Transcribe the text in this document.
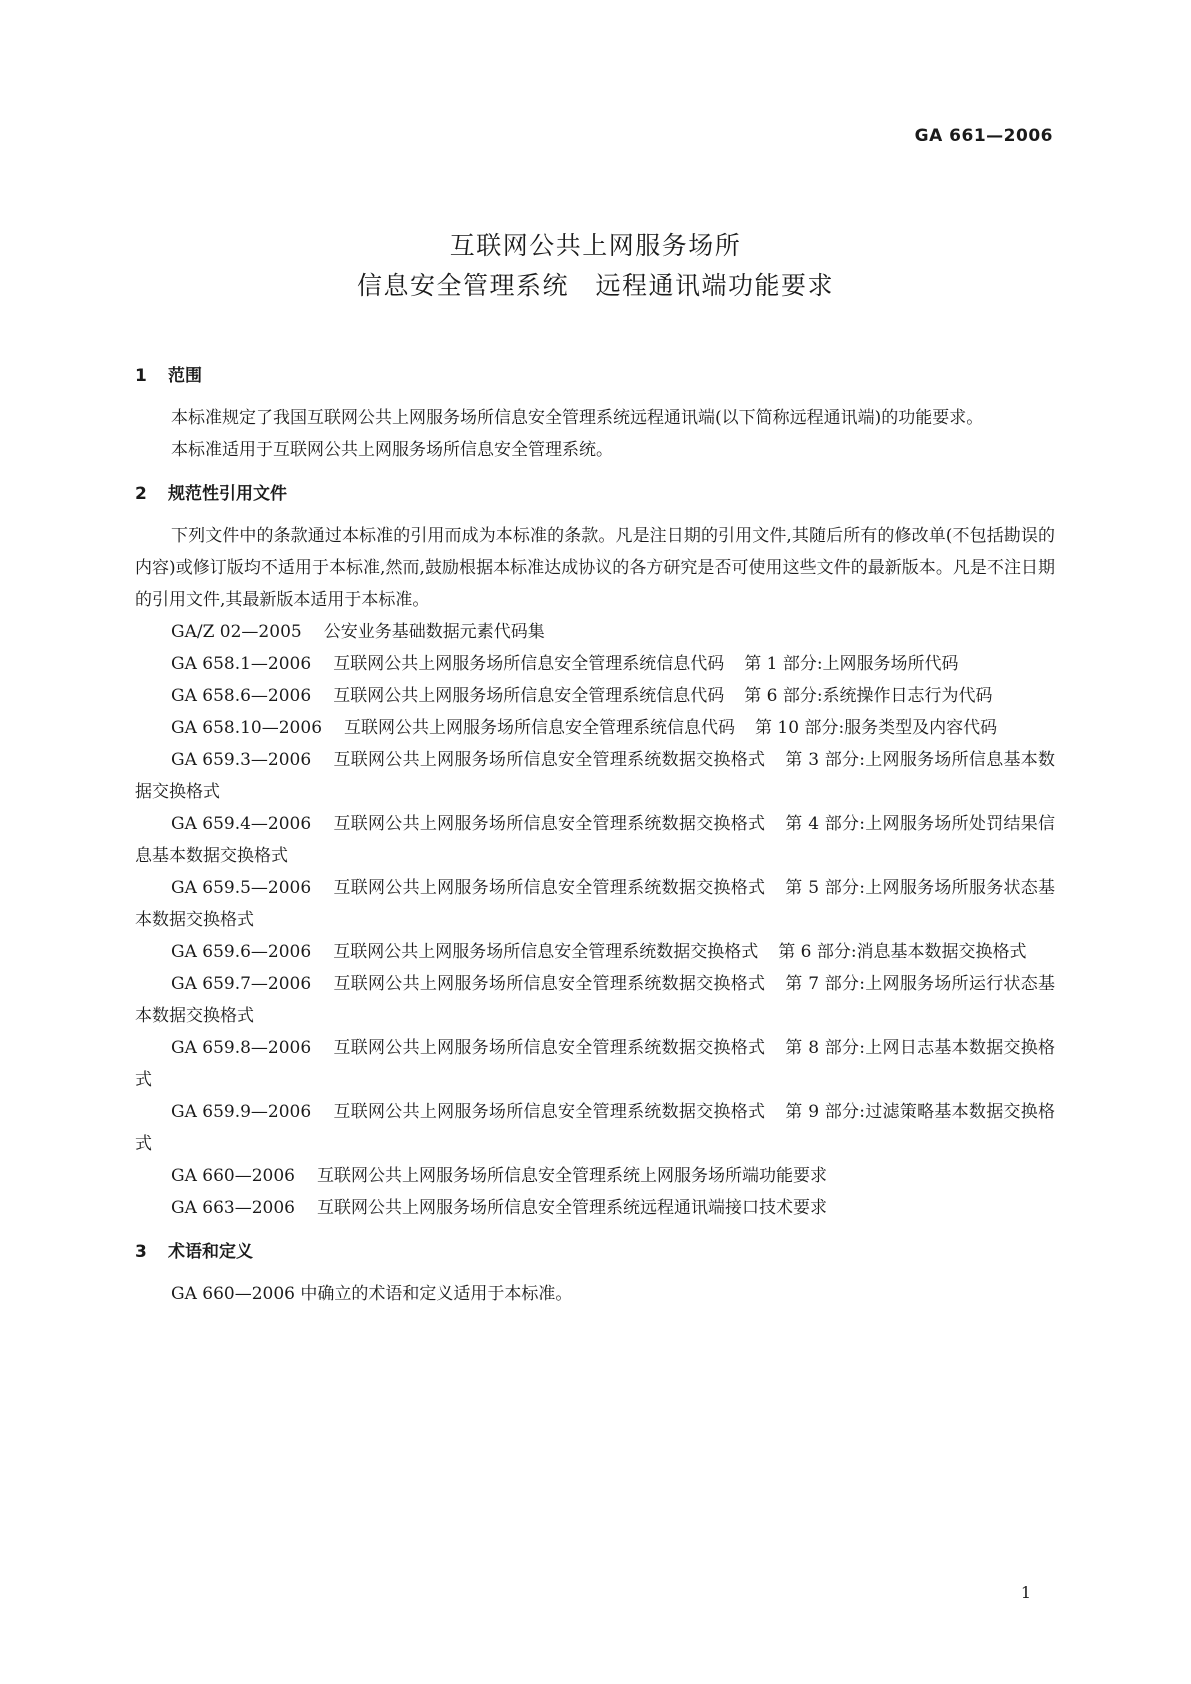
GA 661—2006
互联网公共上网服务场所
信息安全管理系统　远程通讯端功能要求
1 范围

本标准规定了我国互联网公共上网服务场所信息安全管理系统远程通讯端(以下简称远程通讯端)的功能要求。

本标准适用于互联网公共上网服务场所信息安全管理系统。

2 规范性引用文件

下列文件中的条款通过本标准的引用而成为本标准的条款。凡是注日期的引用文件,其随后所有的修改单(不包括勘误的内容)或修订版均不适用于本标准,然而,鼓励根据本标准达成协议的各方研究是否可使用这些文件的最新版本。凡是不注日期的引用文件,其最新版本适用于本标准。

GA/Z 02—2005 公安业务基础数据元素代码集

GA 658.1—2006 互联网公共上网服务场所信息安全管理系统信息代码 第 1 部分:上网服务场所代码

GA 658.6—2006 互联网公共上网服务场所信息安全管理系统信息代码 第 6 部分:系统操作日志行为代码

GA 658.10—2006 互联网公共上网服务场所信息安全管理系统信息代码 第 10 部分:服务类型及内容代码

GA 659.3—2006 互联网公共上网服务场所信息安全管理系统数据交换格式 第 3 部分:上网服务场所信息基本数据交换格式

GA 659.4—2006 互联网公共上网服务场所信息安全管理系统数据交换格式 第 4 部分:上网服务场所处罚结果信息基本数据交换格式

GA 659.5—2006 互联网公共上网服务场所信息安全管理系统数据交换格式 第 5 部分:上网服务场所服务状态基本数据交换格式

GA 659.6—2006 互联网公共上网服务场所信息安全管理系统数据交换格式 第 6 部分:消息基本数据交换格式

GA 659.7—2006 互联网公共上网服务场所信息安全管理系统数据交换格式 第 7 部分:上网服务场所运行状态基本数据交换格式

GA 659.8—2006 互联网公共上网服务场所信息安全管理系统数据交换格式 第 8 部分:上网日志基本数据交换格式

GA 659.9—2006 互联网公共上网服务场所信息安全管理系统数据交换格式 第 9 部分:过滤策略基本数据交换格式

GA 660—2006 互联网公共上网服务场所信息安全管理系统上网服务场所端功能要求

GA 663—2006 互联网公共上网服务场所信息安全管理系统远程通讯端接口技术要求

3 术语和定义

GA 660—2006 中确立的术语和定义适用于本标准。

1
